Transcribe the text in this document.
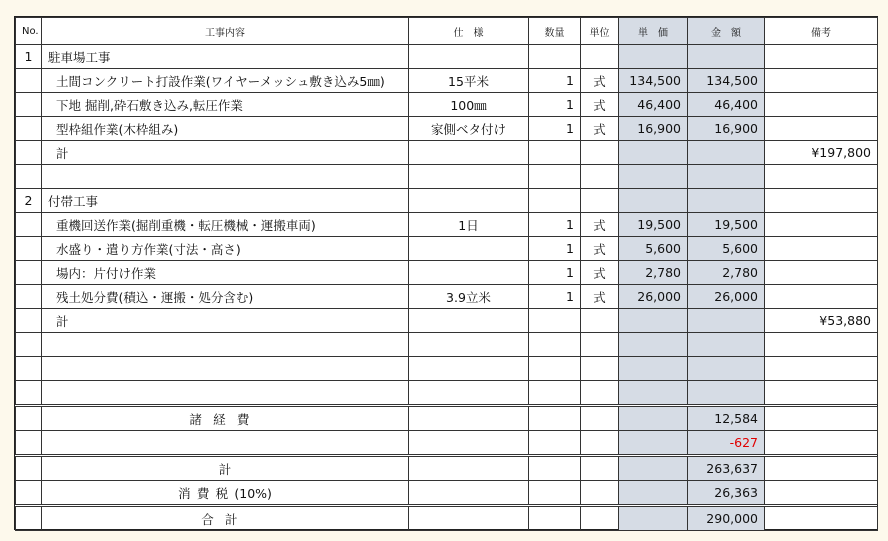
No.	工事内容	仕　様	数量	単位	単　価	金　額	備考
1	駐車場工事						
	土間コンクリート打設作業(ワイヤーメッシュ敷き込み5㎜)	15平米	1	式	134,500	134,500	
	下地 掘削,砕石敷き込み,転圧作業	100㎜	1	式	46,400	46,400	
	型枠組作業(木枠組み)	家側ベタ付け	1	式	16,900	16,900	
	計						¥197,800

2	付帯工事						
	重機回送作業(掘削重機・転圧機械・運搬車両)	1日	1	式	19,500	19,500	
	水盛り・遣り方作業(寸法・高さ)		1	式	5,600	5,600	
	場内：片付け作業		1	式	2,780	2,780	
	残土処分費(積込・運搬・処分含む)	3.9立米	1	式	26,000	26,000	
	計						¥53,880

	諸経費					12,584	
						-627	
	計					263,637	
	消費税(10%)					26,363	
	合計					290,000	
